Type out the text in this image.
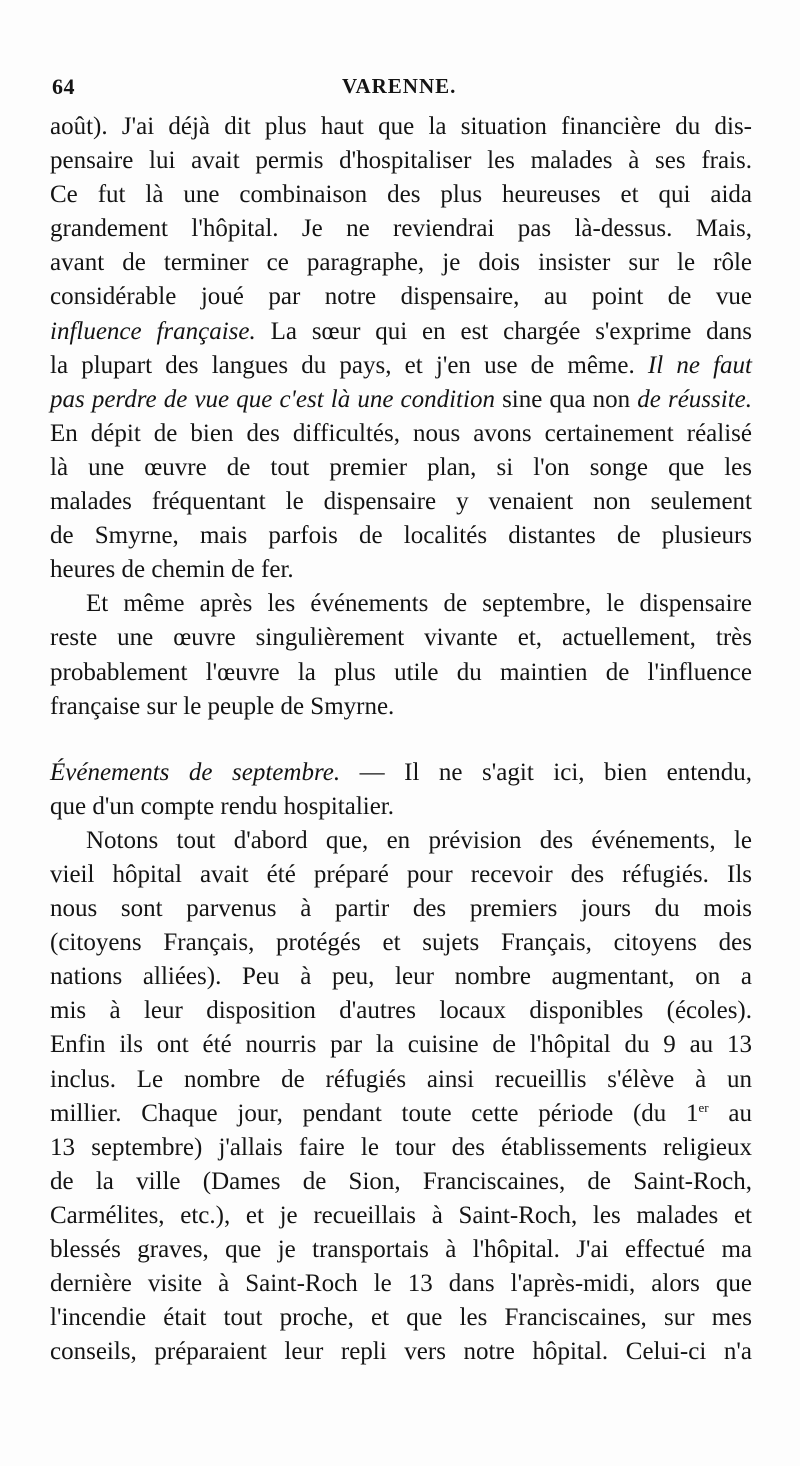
64	VARENNE.
août). J'ai déjà dit plus haut que la situation financière du dis-
pensaire lui avait permis d'hospitaliser les malades à ses frais.
Ce fut là une combinaison des plus heureuses et qui aida
grandement l'hôpital. Je ne reviendrai pas là-dessus. Mais,
avant de terminer ce paragraphe, je dois insister sur le rôle
considérable joué par notre dispensaire, au point de vue
influence française. La sœur qui en est chargée s'exprime dans
la plupart des langues du pays, et j'en use de même. Il ne faut
pas perdre de vue que c'est là une condition sine qua non de réussite.
En dépit de bien des difficultés, nous avons certainement réalisé
là une œuvre de tout premier plan, si l'on songe que les
malades fréquentant le dispensaire y venaient non seulement
de Smyrne, mais parfois de localités distantes de plusieurs
heures de chemin de fer.
Et même après les événements de septembre, le dispensaire
reste une œuvre singulièrement vivante et, actuellement, très
probablement l'œuvre la plus utile du maintien de l'influence
française sur le peuple de Smyrne.
Événements de septembre. — Il ne s'agit ici, bien entendu,
que d'un compte rendu hospitalier.
Notons tout d'abord que, en prévision des événements, le
vieil hôpital avait été préparé pour recevoir des réfugiés. Ils
nous sont parvenus à partir des premiers jours du mois
(citoyens Français, protégés et sujets Français, citoyens des
nations alliées). Peu à peu, leur nombre augmentant, on a
mis à leur disposition d'autres locaux disponibles (écoles).
Enfin ils ont été nourris par la cuisine de l'hôpital du 9 au 13
inclus. Le nombre de réfugiés ainsi recueillis s'élève à un
millier. Chaque jour, pendant toute cette période (du 1er au
13 septembre) j'allais faire le tour des établissements religieux
de la ville (Dames de Sion, Franciscaines, de Saint-Roch,
Carmélites, etc.), et je recueillais à Saint-Roch, les malades et
blessés graves, que je transportais à l'hôpital. J'ai effectué ma
dernière visite à Saint-Roch le 13 dans l'après-midi, alors que
l'incendie était tout proche, et que les Franciscaines, sur mes
conseils, préparaient leur repli vers notre hôpital. Celui-ci n'a
